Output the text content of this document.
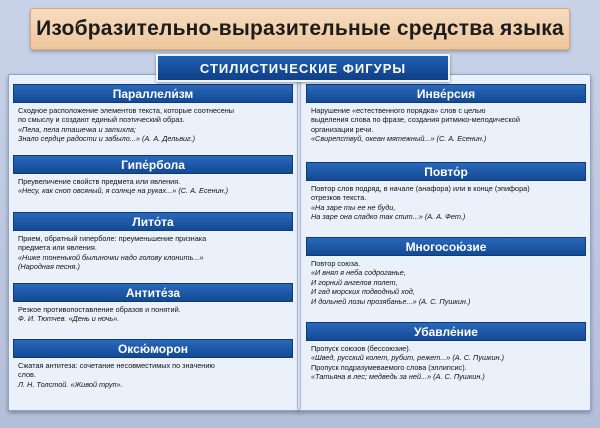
Изобразительно-выразительные средства языка
СТИЛИСТИЧЕСКИЕ ФИГУРЫ
Параллели́зм
Сходное расположение элементов текста, которые соотнесены
по смыслу и создают единый поэтический образ.
«Пела, пела пташечка и затихла;
Знало сердце радости и забыло...» (А. А. Дельвиг.)
Гипе́рбола
Преувеличение свойств предмета или явления.
«Несу, как сноп овсяный, я солнце на руках...» (С. А. Есенин.)
Лито́та
Прием, обратный гиперболе: преуменьшение признака
предмета или явления.
«Ниже тоненькой былиночки надо голову клонить...»
(Народная песня.)
Антите́за
Резкое противопоставление образов и понятий.
Ф. И. Тютчев. «День и ночь».
Оксю́морон
Сжатая антитеза: сочетание несовместимых по значению
слов.
Л. Н. Толстой. «Живой труп».
Инве́рсия
Нарушение «естественного порядка» слов с целью
выделения слова по фразе, создания ритмико-мелодической
организации речи.
«Свирепствуй, океан мятежный...» (С. А. Есенин.)
Повто́р
Повтор слов подряд, в начале (анафора) или в конце (эпифора)
отрезков текста.
«На заре ты ее не буди,
На заре она сладко так спит...» (А. А. Фет.)
Многосою́зие
Повтор союза.
«И внял я неба содроганье,
И горний ангелов полет,
И гад морских подводный ход,
И дольней лозы прозябанье...» (А. С. Пушкин.)
Убавле́ние
Пропуск союзов (бессоюзие).
«Швед, русский колет, рубит, режет...» (А. С. Пушкин.)
Пропуск подразумеваемого слова (эллипсис).
«Татьяна в лес; медведь за ней...» (А. С. Пушкин.)
